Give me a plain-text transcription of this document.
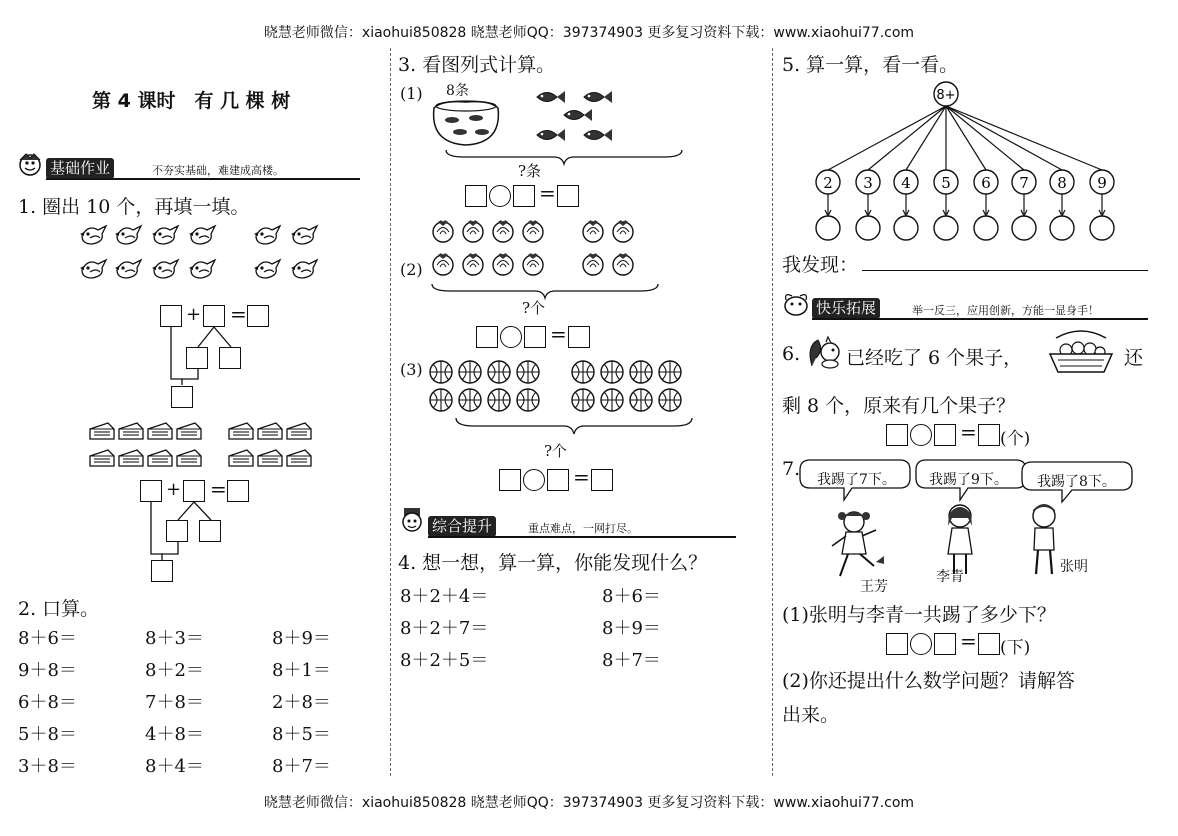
晓慧老师微信：xiaohui850828 晓慧老师QQ：397374903 更多复习资料下载：www.xiaohui77.com
晓慧老师微信：xiaohui850828 晓慧老师QQ：397374903 更多复习资料下载：www.xiaohui77.com
第 4 课时　有 几 棵 树
基础作业	不夯实基础，难建成高楼。
1. 圈出 10 个，再填一填。
+ =
+ =
2. 口算。
3. 看图列式计算。
(1) 8条
?条
=
(2)
?个
=
(3)
?个
=
综合提升	重点难点，一网打尽。
4. 想一想，算一算，你能发现什么？
5. 算一算，看一看。
8+
2 3 4 5 6 7 8 9
我发现：
快乐拓展	举一反三，应用创新，方能一显身手！
6. 已经吃了 6 个果子，	还
剩 8 个，原来有几个果子？
= (个)
7. 我踢了7下。 我踢了9下。 我踢了8下。
王芳
李青
张明
(1)张明与李青一共踢了多少下？
= (下)
(2)你还提出什么数学问题？请解答
出来。
8＋6＝	8＋3＝	8＋9＝
9＋8＝	8＋2＝	8＋1＝
6＋8＝	7＋8＝	2＋8＝
5＋8＝	4＋8＝	8＋5＝
3＋8＝	8＋4＝	8＋7＝
8＋2＋4＝	8＋6＝
8＋2＋7＝	8＋9＝
8＋2＋5＝	8＋7＝
